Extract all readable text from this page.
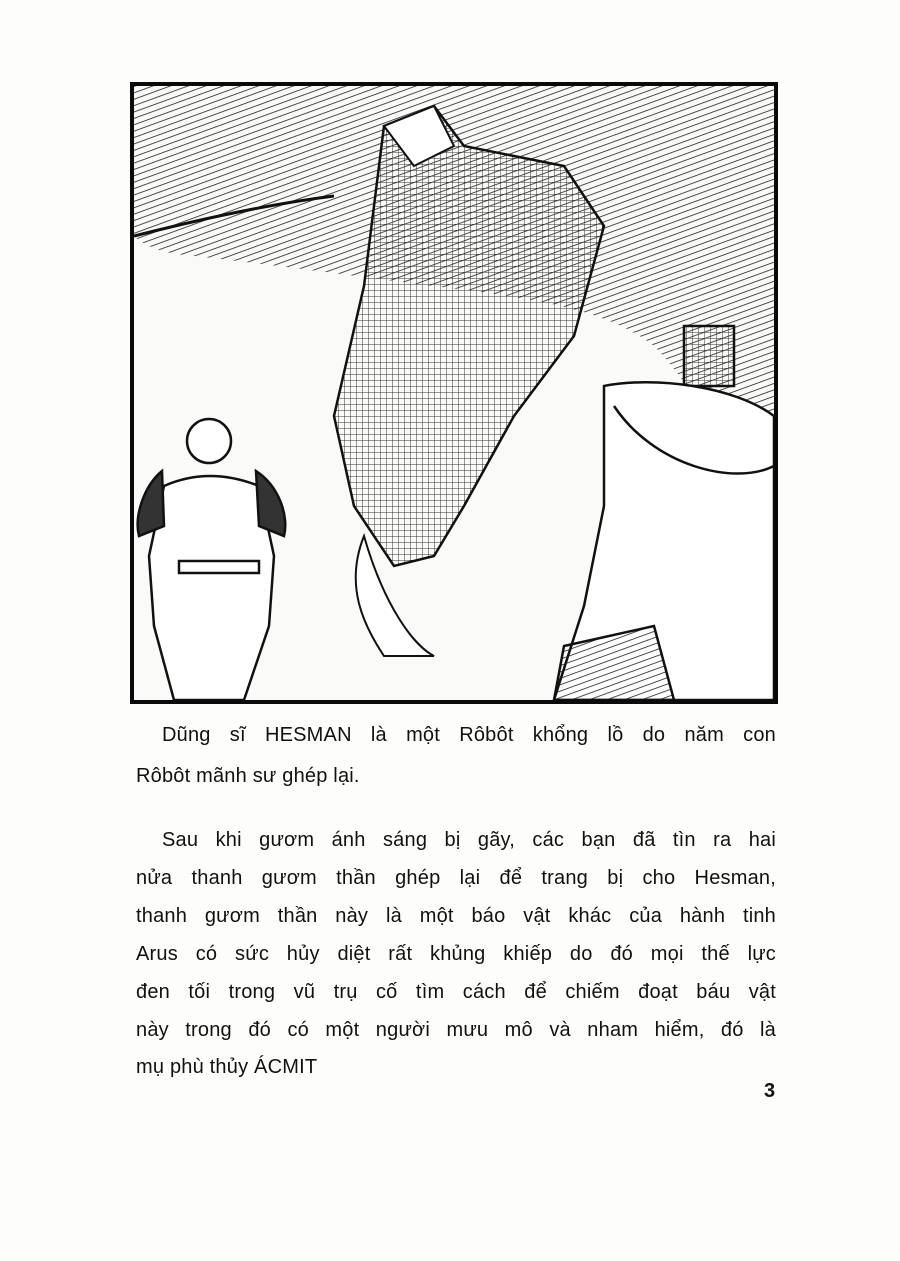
Dũng sĩ HESMAN là một Rôbôt khổng lồ do năm con
Rôbôt mãnh sư ghép lại.
Sau khi gươm ánh sáng bị gãy, các bạn đã tìn ra hai
nửa thanh gươm thần ghép lại để trang bị cho Hesman,
thanh gươm thần này là một báo vật khác của hành tinh
Arus có sức hủy diệt rất khủng khiếp do đó mọi thế lực
đen tối trong vũ trụ cố tìm cách để chiếm đoạt báu vật
này trong đó có một người mưu mô và nham hiểm, đó là
mụ phù thủy ÁCMIT
3
